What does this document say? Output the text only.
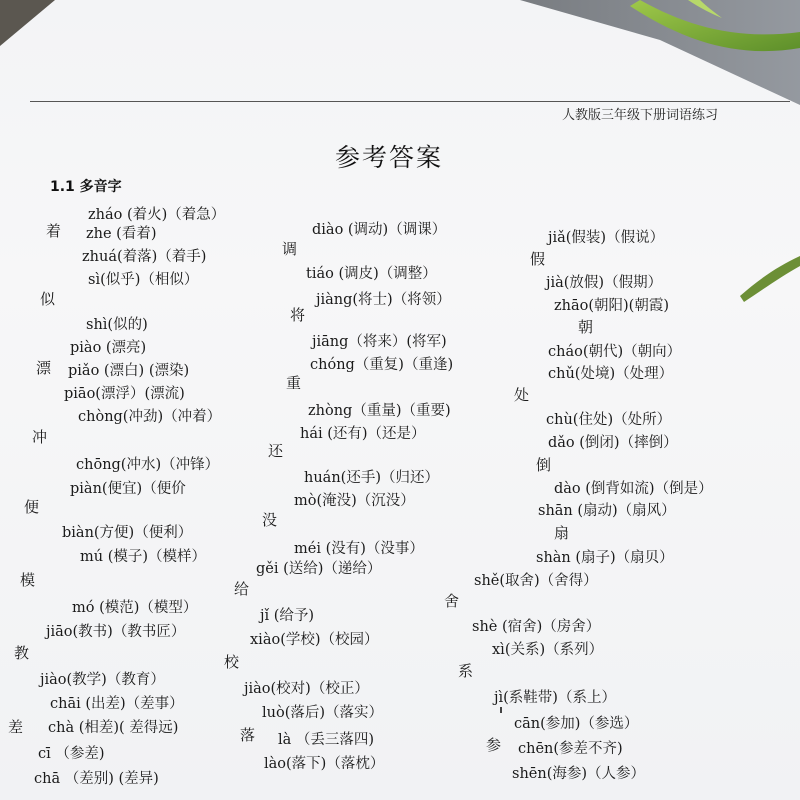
人教版三年级下册词语练习
参考答案
1.1 多音字
zháo (着火)（着急）
zhe (看着)
zhuá(着落)（着手)
sì(似乎)（相似）
shì(似的)
piào (漂亮)
piǎo (漂白) (漂染)
piāo(漂浮）(漂流)
chòng(冲劲)（冲着）
chōng(冲水)（冲锋）
piàn(便宜)（便价
biàn(方便)（便利）
mú (模子)（模样）
mó (模范)（模型）
jiāo(教书)（教书匠）
jiào(教学)（教育）
chāi (出差)（差事）
chà (相差)( 差得远)
cī （参差)
chā （差别) (差异)
diào (调动)（调课）
tiáo (调皮)（调整）
jiàng(将士)（将领）
jiāng（将来）(将军)
chóng（重复)（重逢)
zhòng（重量)（重要)
hái (还有)（还是）
huán(还手)（归还）
mò(淹没)（沉没）
méi (没有)（没事）
gěi (送给)（递给）
jǐ (给予)
xiào(学校)（校园）
jiào(校对)（校正）
luò(落后)（落实）
là （丢三落四)
lào(落下)（落枕）
jiǎ(假装)（假说）
jià(放假)（假期）
zhāo(朝阳)(朝霞)
cháo(朝代)（朝向）
chǔ(处境)（处理）
chù(住处)（处所）
dǎo (倒闭)（摔倒）
dào (倒背如流)（倒是）
shān (扇动)（扇风）
shàn (扇子)（扇贝）
shě(取舍)（舍得）
shè (宿舍)（房舍）
xì(关系)（系列）
jì(系鞋带)（系上）
cān(参加)（参选）
chēn(参差不齐)
shēn(海参)（人参）
着
似
漂
冲
便
模
教
差
调
将
重
还
没
给
校
落
假
朝
处
倒
扇
舍
系
参
